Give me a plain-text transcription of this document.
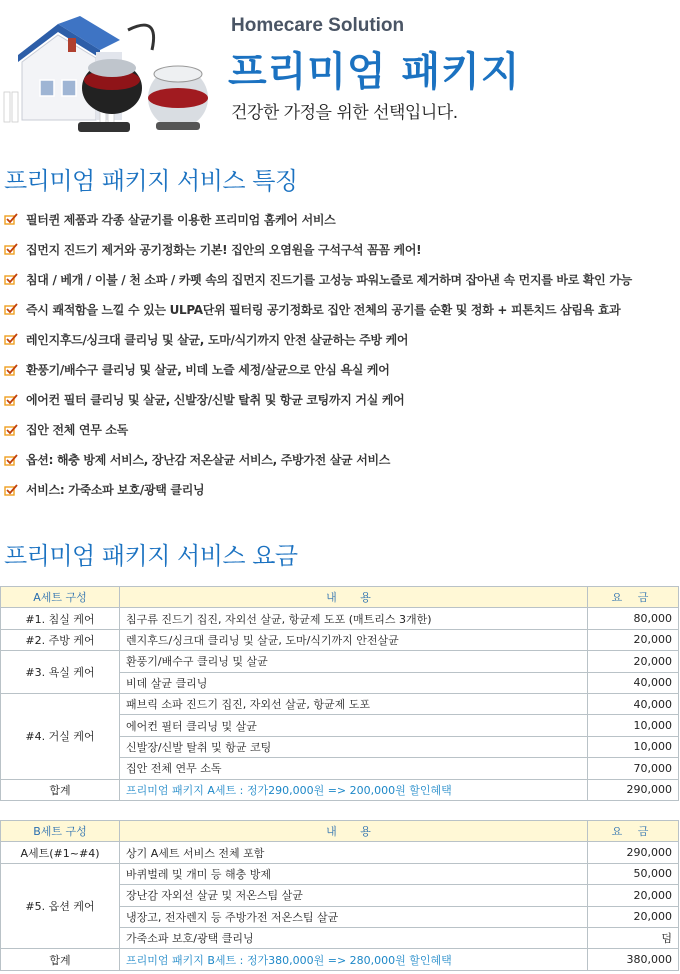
Homecare Solution
프리미엄 패키지
건강한 가정을 위한 선택입니다.
프리미엄 패키지 서비스 특징
필터퀸 제품과 각종 살균기를 이용한 프리미엄 홈케어 서비스
집먼지 진드기 제거와 공기정화는 기본! 집안의 오염원을 구석구석 꼼꼼 케어!
침대 / 베개 / 이불 / 천 소파 / 카펫 속의 집먼지 진드기를 고성능 파워노즐로 제거하며 잡아낸 속 먼지를 바로 확인 가능
즉시 쾌적함을 느낄 수 있는 ULPA단위 필터링 공기정화로 집안 전체의 공기를 순환 및 정화 + 피톤치드 삼림욕 효과
레인지후드/싱크대 클리닝 및 살균, 도마/식기까지 안전 살균하는 주방 케어
환풍기/배수구 클리닝 및 살균, 비데 노즐 세정/살균으로 안심 욕실 케어
에어컨 필터 클리닝 및 살균, 신발장/신발 탈취 및 항균 코팅까지 거실 케어
집안 전체 연무 소독
옵션: 해충 방제 서비스, 장난감 저온살균 서비스, 주방가전 살균 서비스
서비스: 가죽소파 보호/광택 클리닝
프리미엄 패키지 서비스 요금
A세트 구성	내 용	요 금
#1. 침실 케어	침구류 진드기 집진, 자외선 살균, 항균제 도포 (매트리스 3개한)	80,000
#2. 주방 케어	렌지후드/싱크대 클리닝 및 살균, 도마/식기까지 안전살균	20,000
#3. 욕실 케어	환풍기/배수구 클리닝 및 살균	20,000
	비데 살균 클리닝	40,000
#4. 거실 케어	패브릭 소파 진드기 집진, 자외선 살균, 항균제 도포	40,000
	에어컨 필터 클리닝 및 살균	10,000
	신발장/신발 탈취 및 항균 코팅	10,000
	집안 전체 연무 소독	70,000
합계	프리미엄 패키지 A세트 : 정가290,000원 => 200,000원 할인혜택	290,000
B세트 구성	내 용	요 금
A세트(#1~#4)	상기 A세트 서비스 전체 포함	290,000
#5. 옵션 케어	바퀴벌레 및 개미 등 해충 방제	50,000
	장난감 자외선 살균 및 저온스팀 살균	20,000
	냉장고, 전자렌지 등 주방가전 저온스팀 살균	20,000
	가죽소파 보호/광택 클리닝	덤
합계	프리미엄 패키지 B세트 : 정가380,000원 => 280,000원 할인혜택	380,000
